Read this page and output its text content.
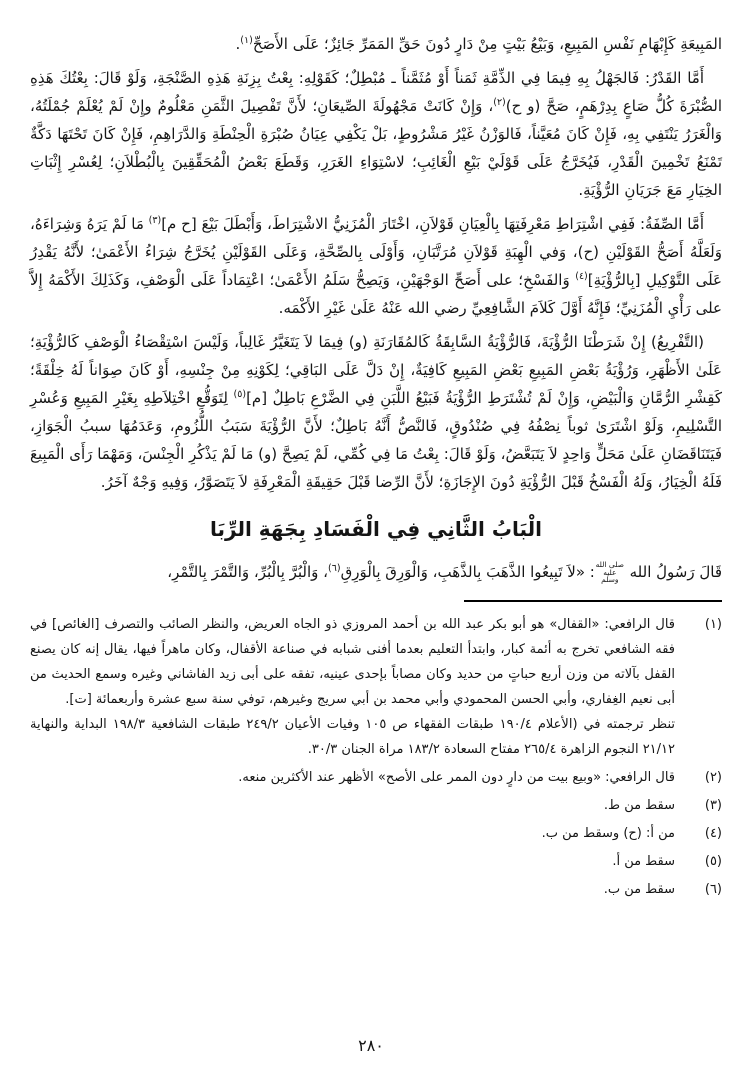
المَبِيعَةِ كَإِبْهَامِ نَفْسِ المَبِيعِ، وَبَيْعُ بَيْتٍ مِنْ دَارٍ دُونَ حَقِّ المَمَرِّ جَائِزٌ؛ عَلَى الأَصَحِّ$^{(١)}$.

أَمَّا القَدْرُ: فَالجَهْلُ بِهِ فِيمَا فِي الذِّمَّةِ ثَمَناً أَوْ مُثَمَّناً ـ مُبْطِلٌ؛ كَقَوْلِهِ: بِعْتُ بِزِنَةِ هَذِهِ الصَّنْجَةِ، وَلَوْ قَالَ: بِعْتُكَ هَذِهِ الصُّبْرَةَ كُلُّ صَاعٍ بِدِرْهَمٍ، صَحَّ (و ح)$^{(٢)}$، وَإِنْ كَانَتْ مَجْهُولَةَ الصِّيعَانِ؛ لأَنَّ تَفْصِيلَ الثَّمَنِ مَعْلُومٌ وإِنْ لَمْ يُعْلَمْ جُمْلَتُهُ، وَالْغَرَرُ يَنْتَفِي بِهِ، فَإِنْ كَانَ مُعَيَّناً، فَالوَزْنُ غَيْرُ مَشْرُوطٍ، بَلْ يَكْفِي عِيَانُ صُبْرَةِ الْحِنْطَةِ وَالدَّرَاهِمِ، فَإِنْ كَانَ تَحْتَهَا دَكَّةٌ تَمْنَعُ تَخْمِينَ الْقَدْرِ، فَيُخَرَّجُ عَلَى قَوْلَيْ بَيْعِ الْغَائِبِ؛ لاسْتِوَاءِ الغَرَرِ، وَقَطَعَ بَعْضُ الْمُحَقِّقِينَ بِالْبُطْلاَنِ؛ لِعُسْرِ إِثْبَاتِ الخِيَارِ مَعَ جَرَيَانِ الرُّؤْيَةِ.

أَمَّا الصِّفَةُ: فَفِي اشْتِرَاطِ مَعْرِفَتِهَا بِالْعِيَانِ قَوْلاَنِ، اخْتَارَ الْمُزَنِيُّ الاشْتِرَاطَ، وَأَبْطَلَ بَيْعَ [ح م]$^{(٣)}$ مَا لَمْ يَرَهُ وَشِرَاءَهُ، وَلَعَلَّهُ أَصَحُّ القَوْلَيْنِ (ح)، وَفي الْهِبَةِ قَوْلاَنِ مُرَتَّبَانِ، وَأَوْلَى بِالصِّحَّةِ، وَعَلَى القَوْلَيْنِ يُخَرَّجُ شِرَاءُ الأَعْمَىٰ؛ لأَنَّهُ يَقْدِرُ عَلَى التَّوْكِيلِ [بِالرُّؤْيَةِ]$^{(٤)}$ وَالفَسْخِ؛ على أَصَحِّ الوَجْهَيْنِ، وَيَصِحُّ سَلَمُ الأَعْمَىٰ؛ اعْتِمَاداً عَلَى الْوَصْفِ، وَكَذَلِكَ الأَكْمَهُ إِلاَّ على رَأْيِ الْمُزَنِيِّ؛ فَإِنَّهُ أَوَّلَ كَلاَمَ الشَّافِعِيِّ رضي الله عَنْهُ عَلَىٰ غَيْرِ الأَكْمَه.

(التَّفْرِيعُ) إِنْ شَرَطْنَا الرُّؤْيَةَ، فَالرُّؤْيَةُ السَّابِقَةُ كَالمُقَارَنَةِ (و) فِيمَا لاَ يَتَغَيَّرُ غَالِباً، وَلَيْسَ اسْتِقْصَاءُ الْوَصْفِ كَالرُّؤْيَةِ؛ عَلَىٰ الأَظْهَرِ، وَرُؤْيَةُ بَعْضِ المَبِيعِ بَعْضِ المَبِيعِ كَافِيَةٌ، إِنْ دَلَّ عَلَى البَاقِي؛ لِكَوْنِهِ مِنْ جِنْسِهِ، أَوْ كَانَ صِوَاناً لَهُ خِلْقَةً؛ كَقِشْرِ الرُّمَّانِ وَالْبَيْضِ، وَإِنْ لَمْ تُشْتَرَطِ الرُّؤْيَةُ فَبَيْعُ اللَّبَنِ فِي الضَّرْعِ بَاطِلٌ [م]$^{(٥)}$ لِتَوَقُّعِ اخْتِلاَطِهِ بِغَيْرِ المَبِيعِ وَعُسْرِ التَّسْلِيمِ، وَلَوْ اشْتَرَىٰ ثوباً نِصْفُهُ فِي صُنْدُوقٍ، فَالنَّصُّ أَنَّهُ بَاطِلٌ؛ لأَنَّ الرُّؤْيَةَ سَبَبُ اللُّزُومِ، وَعَدَمُهَا سببُ الْجَوَازِ، فَيَتَنَاقَضَانِ عَلَىٰ مَحَلٍّ وَاحِدٍ لاَ يَتَبَعَّضُ، وَلَوْ قَالَ: بِعْتُ مَا فِي كُمِّي، لَمْ يَصِحَّ (و) مَا لَمْ يَذْكُرِ الْجِنْسَ، وَمَهْمَا رَأَى الْمَبِيعَ فَلَهُ الْخِيَارُ، وَلَهُ الْفَسْخُ قَبْلَ الرُّؤْيَةِ دُونَ الإِجَازَةِ؛ لأَنَّ الرِّضا قَبْلَ حَقِيقَةِ الْمَعْرِفَةِ لاَ يَتَصَوَّرُ، وَفِيهِ وَجْهٌ آخَرُ.

الْبَابُ الثَّانِي فِي الْفَسَادِ بِجَهَةِ الرِّبَا

قَالَ رَسُولُ الله صلى الله عليه وسلم: «لاَ تَبِيعُوا الذَّهَبَ بِالذَّهَبِ، وَالْوَرِقَ بِالْوَرِقِ$^{(٦)}$، وَالْبُرَّ بِالْبُرِّ، وَالتَّمْرَ بِالتَّمْرِ،

(١)

قال الرافعي: «القفال» هو أبو بكر عبد الله بن أحمد المروزي ذو الجاه العريض، والنظر الصائب والتصرف [الغائص] في فقه الشافعي تخرج به أئمة كبار، وابتدأ التعليم بعدما أفنى شبابه في صناعة الأقفال، وكان ماهراً فيها، يقال إنه كان يصنع القفل بآلاته من وزن أربع حباتٍ من حديد وكان مصاباً بإحدى عينيه، تفقه على أبى زيد الفاشاني وغيره وسمع الحديث من أبى نعيم الغِفاري، وأبي الحسن المحمودي وأبي محمد بن أبي سريج وغيرهم، توفي سنة سبع عشرة وأربعمائة [ت].

تنظر ترجمته في (الأعلام ١٩٠/٤ طبقات الفقهاء ص ١٠٥ وفيات الأعيان ٢٤٩/٢ طبقات الشافعية ١٩٨/٣ البداية والنهاية ٢١/١٢ النجوم الزاهرة ٢٦٥/٤ مفتاح السعادة ١٨٣/٢ مراة الجنان ٣٠/٣.

(٢)

قال الرافعي: «وبيع بيت من دارٍ دون الممر على الأصح» الأظهر عند الأكثرين منعه.

(٣)

سقط من ط.

(٤)

من أ: (ح) وسقط من ب.

(٥)

سقط من أ.

(٦)

سقط من ب.

٢٨٠
